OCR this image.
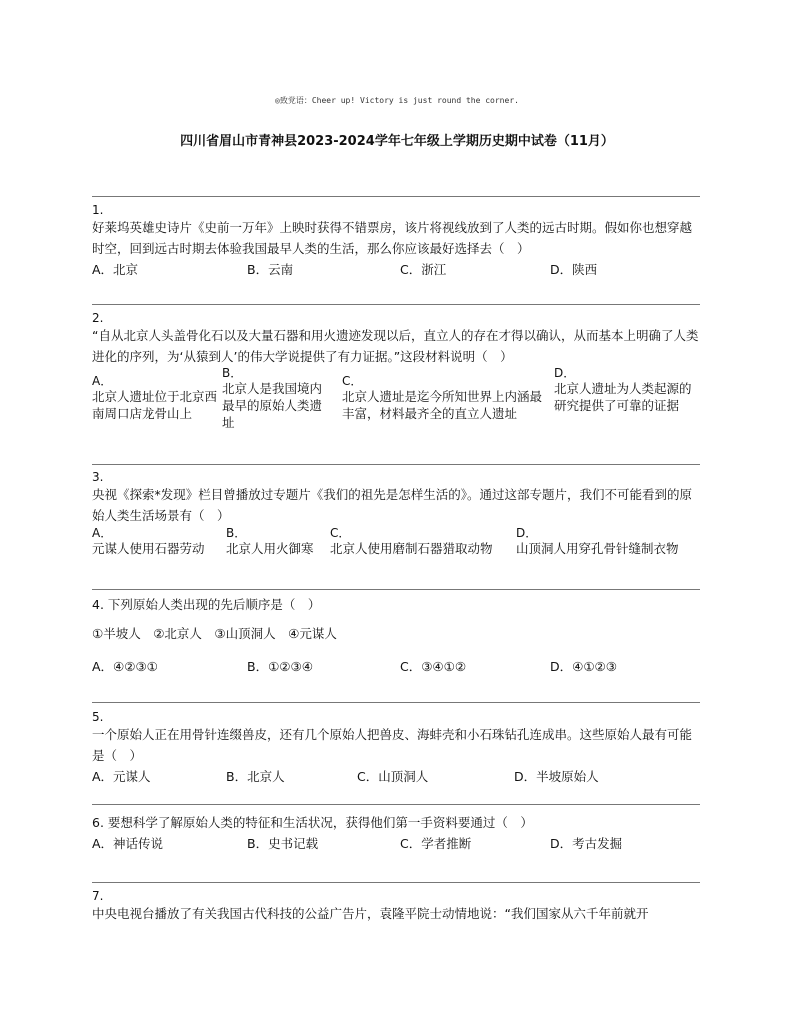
◎致党语：Cheer up! Victory is just round the corner.
四川省眉山市青神县2023-2024学年七年级上学期历史期中试卷（11月）
1.

好莱坞英雄史诗片《史前一万年》上映时获得不错票房，该片将视线放到了人类的远古时期。假如你也想穿越时空，回到远古时期去体验我国最早人类的生活，那么你应该最好选择去（　）

A．北京	B．云南	C．浙江	D．陕西
2.

“自从北京人头盖骨化石以及大量石器和用火遗迹发现以后，直立人的存在才得以确认，从而基本上明确了人类进化的序列，为‘从猿到人’的伟大学说提供了有力证据。”这段材料说明（　）

A．
北京人遗址位于北京西南周口店龙骨山上
B．
北京人是我国境内最早的原始人类遗址
C．
北京人遗址是迄今所知世界上内涵最丰富，材料最齐全的直立人遗址
D．
北京人遗址为人类起源的研究提供了可靠的证据
3.

央视《探索*发现》栏目曾播放过专题片《我们的祖先是怎样生活的》。通过这部专题片，我们不可能看到的原始人类生活场景有（　）

A．
元谋人使用石器劳动
B．
北京人用火御寒
C．
北京人使用磨制石器猎取动物
D．
山顶洞人用穿孔骨针缝制衣物

4. 下列原始人类出现的先后顺序是（　）

①半坡人　②北京人　③山顶洞人　④元谋人

A．④②③①	B．①②③④	C．③④①②	D．④①②③
5.

一个原始人正在用骨针连缀兽皮，还有几个原始人把兽皮、海蚌壳和小石珠钻孔连成串。这些原始人最有可能是（　）

A．元谋人	B．北京人	C．山顶洞人	D．半坡原始人

6. 要想科学了解原始人类的特征和生活状况，获得他们第一手资料要通过（　）

A．神话传说	B．史书记载	C．学者推断	D．考古发掘
7.

中央电视台播放了有关我国古代科技的公益广告片，袁隆平院士动情地说：“我们国家从六千年前就开
